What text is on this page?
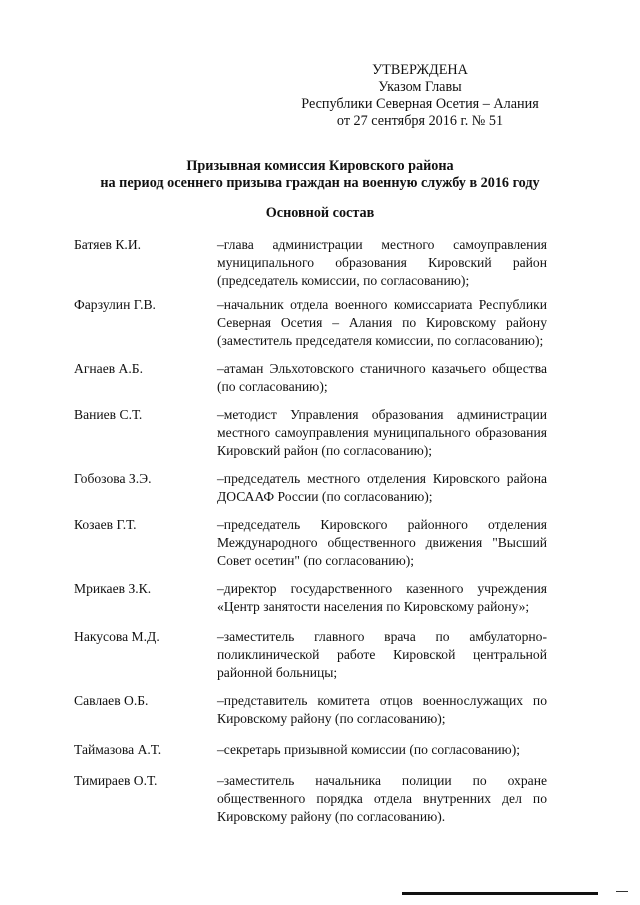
УТВЕРЖДЕНА
Указом Главы
Республики Северная Осетия – Алания
от 27 сентября 2016 г. № 51
Призывная комиссия Кировского района
на период осеннего призыва граждан на военную службу в 2016 году
Основной состав
Батяев К.И.	–глава администрации местного самоуправления муниципального образования Кировский район (председатель комиссии, по согласованию);
Фарзулин Г.В.	–начальник отдела военного комиссариата Республики Северная Осетия – Алания по Кировскому району (заместитель председателя комиссии, по согласованию);
Агнаев А.Б.	–атаман Эльхотовского станичного казачьего общества (по согласованию);
Ваниев С.Т.	–методист Управления образования администрации местного самоуправления муниципального образования Кировский район (по согласованию);
Гобозова З.Э.	–председатель местного отделения Кировского района ДОСААФ России (по согласованию);
Козаев Г.Т.	–председатель Кировского районного отделения Международного общественного движения "Высший Совет осетин" (по согласованию);
Мрикаев З.К.	–директор государственного казенного учреждения «Центр занятости населения по Кировскому району»;
Накусова М.Д.	–заместитель главного врача по амбулаторно-поликлинической работе Кировской центральной районной больницы;
Савлаев О.Б.	–представитель комитета отцов военнослужащих по Кировскому району (по согласованию);
Таймазова А.Т.	–секретарь призывной комиссии (по согласованию);
Тимираев О.Т.	–заместитель начальника полиции по охране общественного порядка отдела внутренних дел по Кировскому району (по согласованию).
